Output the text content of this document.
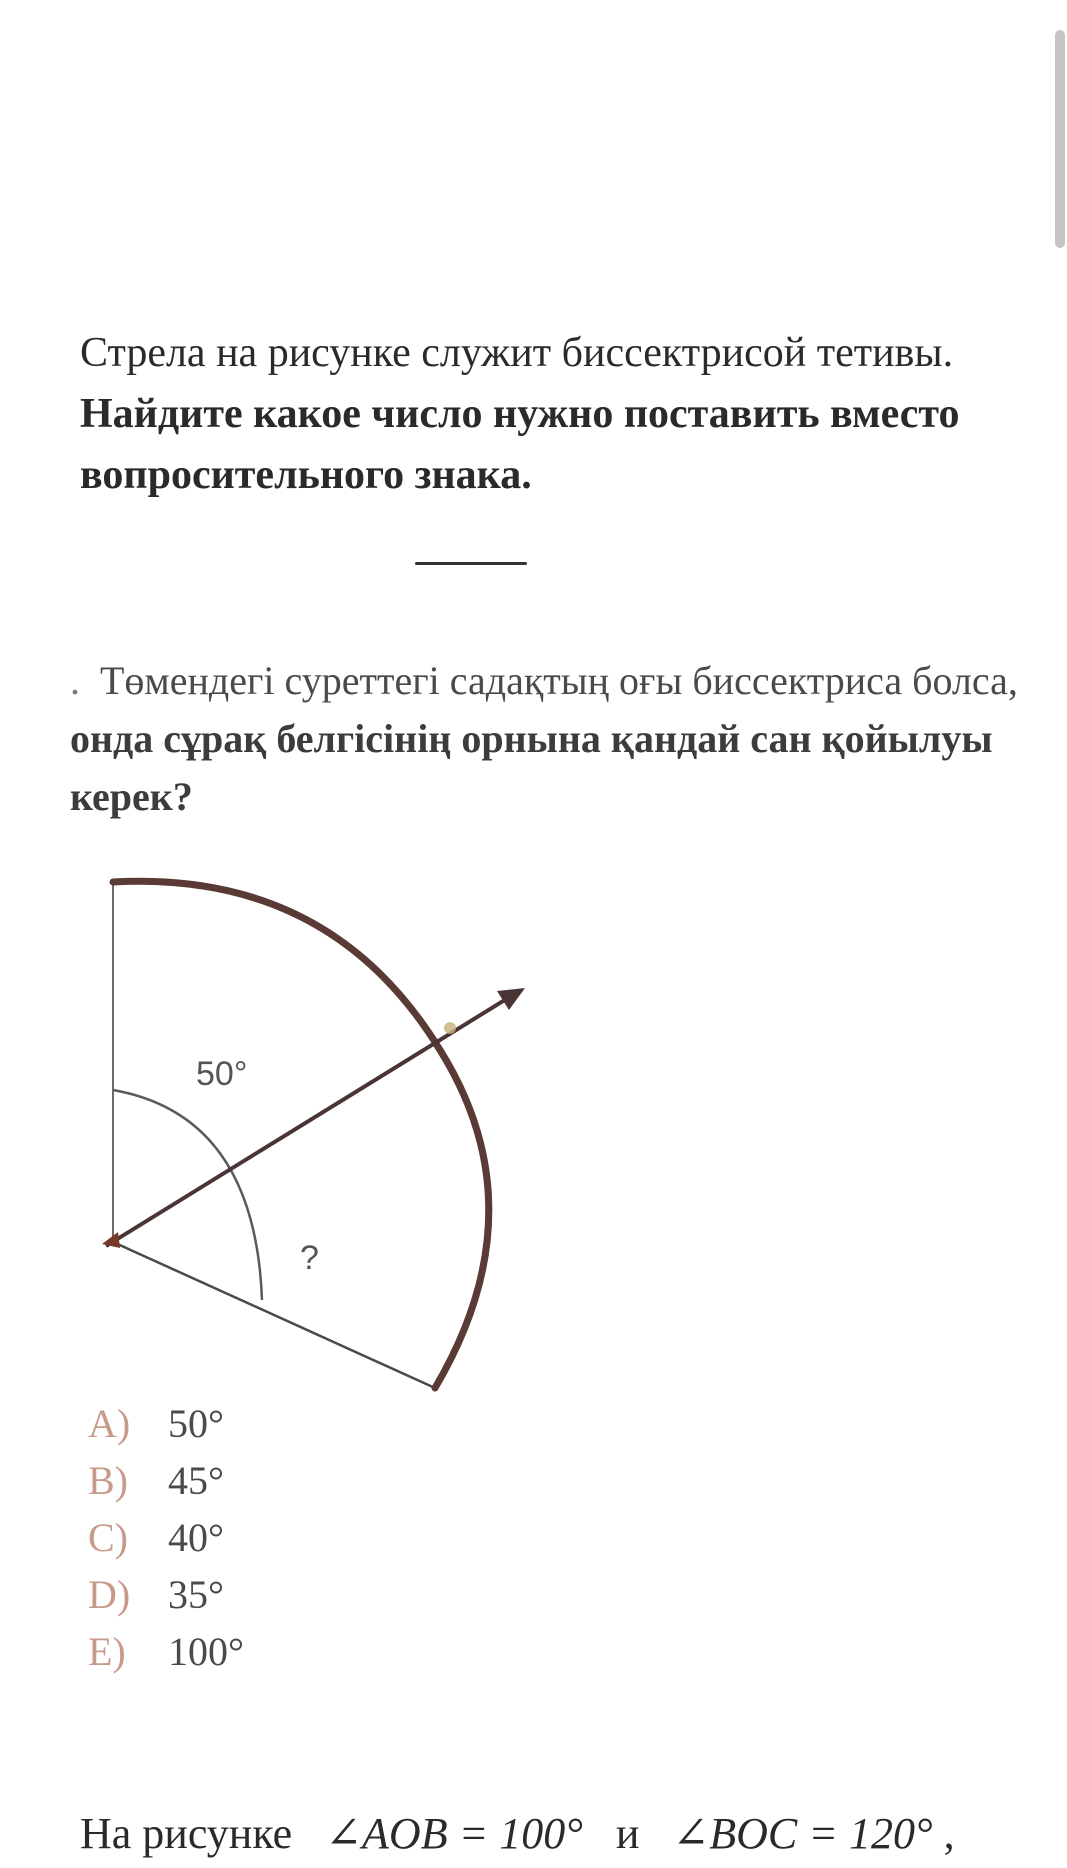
Стрела на рисунке служит биссектрисой тетивы. Найдите какое число нужно поставить вместо вопросительного знака.
. Төмендегі суреттегі садақтың оғы биссектриса болса, онда сұрақ белгісінің орнына қандай сан қойылуы керек?
50°
?
A) 50°
B)	45°
C)	40°
D) 35°
E)	100°
На рисунке ∠AOB = 100° и ∠BOC = 120° ,
